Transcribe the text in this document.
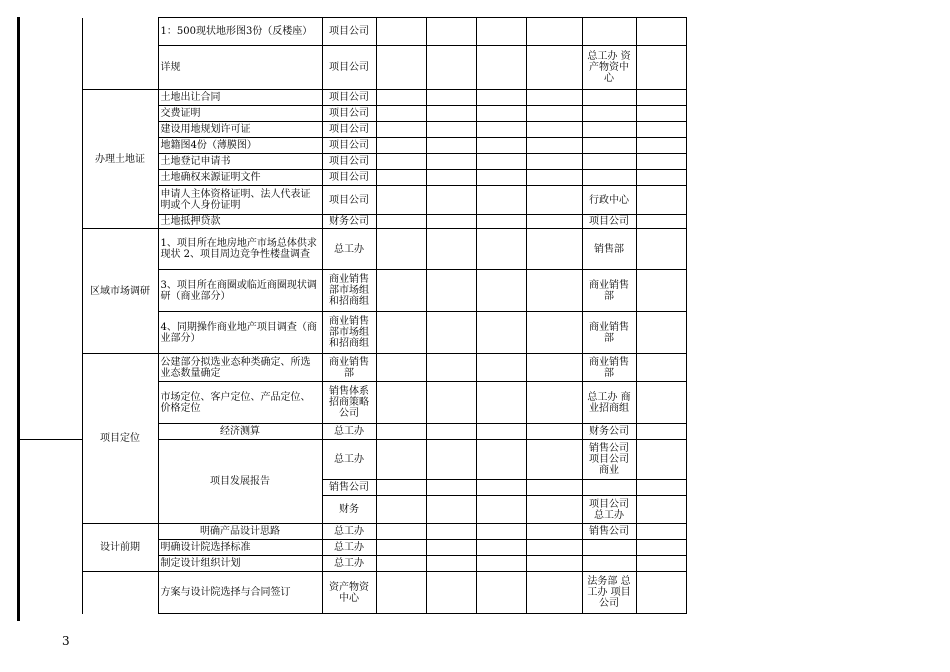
		1：500现状地形图3份（反楼座）	项目公司						
		详规	项目公司					总工办 资产物资中心	
	办理土地证	土地出让合同	项目公司						
		交费证明	项目公司						
		建设用地规划许可证	项目公司						
		地籍图4份（薄膜图）	项目公司						
		土地登记申请书	项目公司						
		土地确权来源证明文件	项目公司						
		申请人主体资格证明、法人代表证明或个人身份证明	项目公司					行政中心	
		土地抵押贷款	财务公司					项目公司	
	区域市场调研	1、项目所在地房地产市场总体供求现状 2、项目周边竞争性楼盘调查	总工办					销售部	
		3、项目所在商圈或临近商圈现状调研（商业部分）	商业销售部市场组和招商组					商业销售部	
		4、同期操作商业地产项目调查（商业部分）	商业销售部市场组和招商组					商业销售部	
	项目定位	公建部分拟选业态种类确定、所选业态数量确定	商业销售部					商业销售部	
		市场定位、客户定位、产品定位、价格定位	销售体系招商策略公司					总工办 商业招商组	
		经济测算	总工办					财务公司	
		项目发展报告	总工办					销售公司 项目公司 商业	
			销售公司						
			财务					项目公司 总工办	
	设计前期	明确产品设计思路	总工办					销售公司	
		明确设计院选择标准	总工办						
		制定设计组织计划	总工办						
		方案与设计院选择与合同签订	资产物资中心					法务部 总工办 项目公司	
3
